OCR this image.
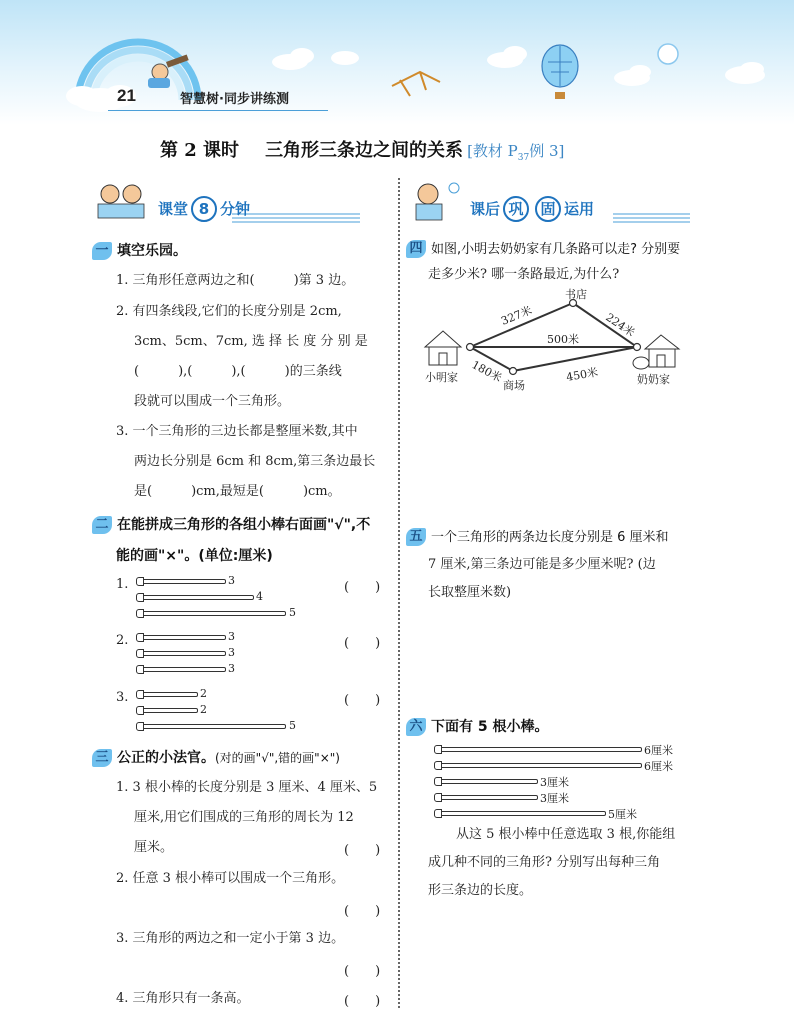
21	智慧树·同步讲练测
第 2 课时 三角形三条边之间的关系 [教材 $P_{37}$例 3]
课堂 8 分钟	课后 巩 固 运用
一 填空乐园。
1. 三角形任意两边之和(　　　)第 3 边。
2. 有四条线段,它们的长度分别是 2cm,
3cm、5cm、7cm, 选 择 长 度 分 别 是
(　　　),(　　　),(　　　)的三条线
段就可以围成一个三角形。
3. 一个三角形的三边长都是整厘米数,其中
两边长分别是 6cm 和 8cm,第三条边最长
是(　　　)cm,最短是(　　　)cm。
二 在能拼成三角形的各组小棒右面画"√",不
能的画"×"。(单位:厘米)
1.	3
4
5
(　　)
2.	3
3
3
(　　)
3.	2
2
5
(　　)
三 公正的小法官。(对的画"√",错的画"×")
1. 3 根小棒的长度分别是 3 厘米、4 厘米、5
厘米,用它们围成的三角形的周长为 12
厘米。	(　　)
2. 任意 3 根小棒可以围成一个三角形。
(　　)
3. 三角形的两边之和一定小于第 3 边。
(　　)
4. 三角形只有一条高。	(　　)
四 如图,小明去奶奶家有几条路可以走? 分别要
走多少米? 哪一条路最近,为什么?
书店
小明家
商场	奶奶家
327米	224米
500米
180米	450米
五 一个三角形的两条边长度分别是 6 厘米和
7 厘米,第三条边可能是多少厘米呢? (边
长取整厘米数)
六 下面有 5 根小棒。
6厘米
6厘米
3厘米
3厘米
5厘米
从这 5 根小棒中任意选取 3 根,你能组
成几种不同的三角形? 分别写出每种三角
形三条边的长度。
